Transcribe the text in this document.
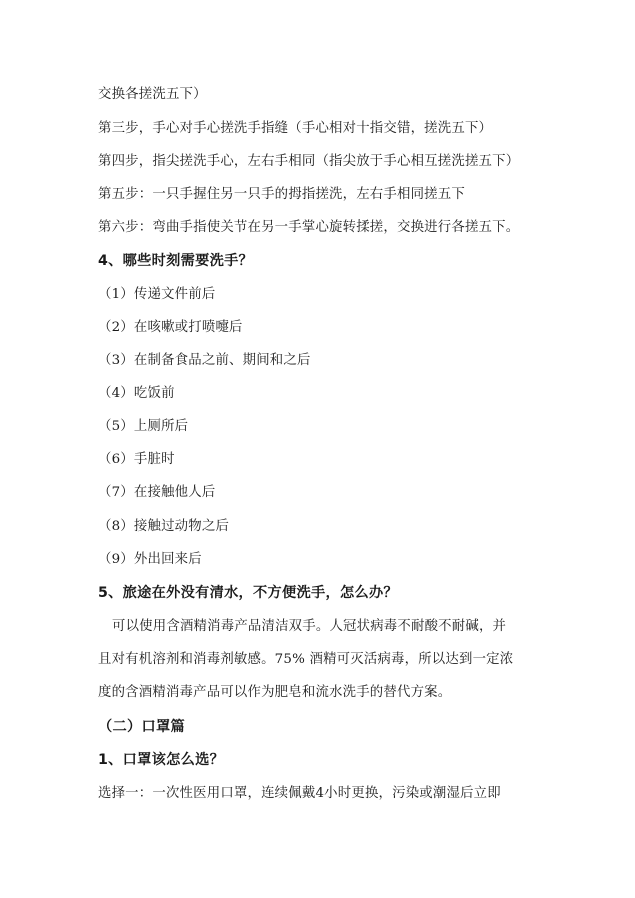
交换各搓洗五下）
第三步，手心对手心搓洗手指缝（手心相对十指交错，搓洗五下）
第四步，指尖搓洗手心，左右手相同（指尖放于手心相互搓洗搓五下）
第五步：一只手握住另一只手的拇指搓洗，左右手相同搓五下
第六步：弯曲手指使关节在另一手掌心旋转揉搓，交换进行各搓五下。
4、哪些时刻需要洗手？
（1）传递文件前后
（2）在咳嗽或打喷嚏后
（3）在制备食品之前、期间和之后
（4）吃饭前
（5）上厕所后
（6）手脏时
（7）在接触他人后
（8）接触过动物之后
（9）外出回来后
5、旅途在外没有清水，不方便洗手，怎么办？
可以使用含酒精消毒产品清洁双手。人冠状病毒不耐酸不耐碱，并
且对有机溶剂和消毒剂敏感。75% 酒精可灭活病毒，所以达到一定浓
度的含酒精消毒产品可以作为肥皂和流水洗手的替代方案。
（二）口罩篇
1、口罩该怎么选？
选择一：一次性医用口罩，连续佩戴4小时更换，污染或潮湿后立即
